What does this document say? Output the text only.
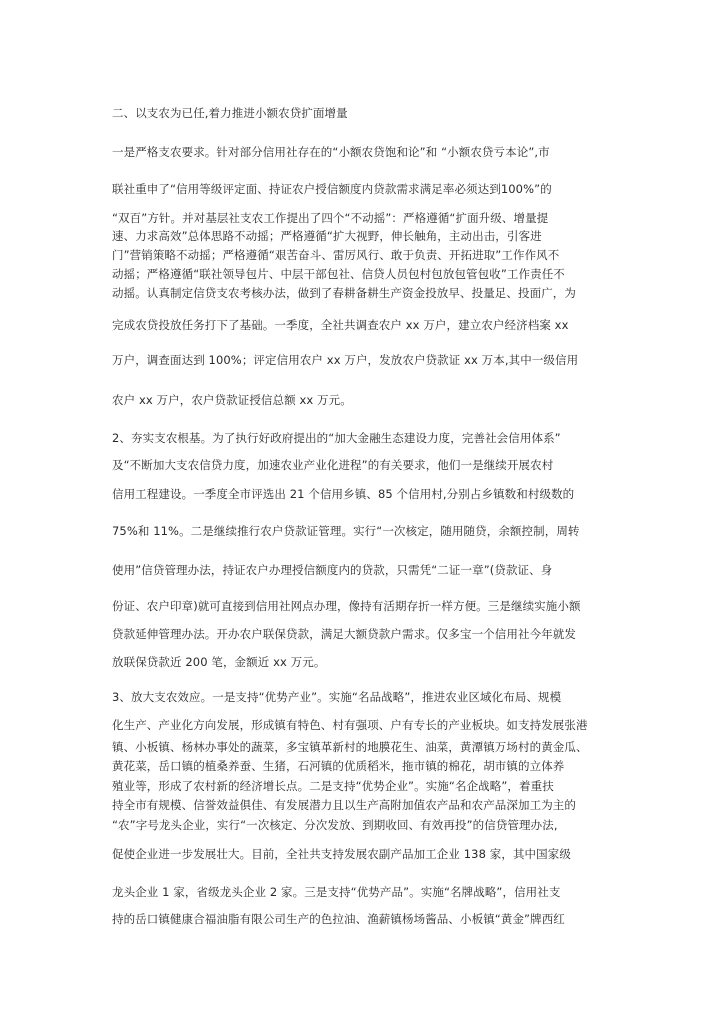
二、以支农为已任,着力推进小额农贷扩面增量

一是严格支农要求。针对部分信用社存在的“小额农贷饱和论”和 “小额农贷亏本论”,市

联社重申了“信用等级评定面、持证农户授信额度内贷款需求满足率必须达到100%”的

“双百”方针。并对基层社支农工作提出了四个“不动摇”：严格遵循“扩面升级、增量提

速、力求高效”总体思路不动摇；严格遵循“扩大视野，伸长触角，主动出击，引客进

门”营销策略不动摇；严格遵循“艰苦奋斗、雷厉风行、敢于负责、开拓进取”工作作风不

动摇；严格遵循“联社领导包片、中层干部包社、信贷人员包村包放包管包收”工作责任不

动摇。认真制定信贷支农考核办法，做到了春耕备耕生产资金投放早、投量足、投面广，为

完成农贷投放任务打下了基础。一季度，全社共调查农户 xx 万户，建立农户经济档案 xx

万户，调查面达到 100%；评定信用农户 xx 万户，发放农户贷款证 xx 万本,其中一级信用

农户 xx 万户，农户贷款证授信总额 xx 万元。

2、夯实支农根基。为了执行好政府提出的“加大金融生态建设力度，完善社会信用体系”

及“不断加大支农信贷力度，加速农业产业化进程”的有关要求，他们一是继续开展农村

信用工程建设。一季度全市评选出 21 个信用乡镇、85 个信用村,分别占乡镇数和村级数的

75%和 11%。二是继续推行农户贷款证管理。实行“一次核定，随用随贷，余额控制，周转

使用”信贷管理办法，持证农户办理授信额度内的贷款，只需凭“二证一章”(贷款证、身

份证、农户印章)就可直接到信用社网点办理，像持有活期存折一样方便。三是继续实施小额

贷款延伸管理办法。开办农户联保贷款，满足大额贷款户需求。仅多宝一个信用社今年就发

放联保贷款近 200 笔，金额近 xx 万元。

3、放大支农效应。一是支持“优势产业”。实施“名品战略”，推进农业区域化布局、规模

化生产、产业化方向发展，形成镇有特色、村有强项、户有专长的产业板块。如支持发展张港

镇、小板镇、杨林办事处的蔬菜，多宝镇革新村的地膜花生、油菜，黄潭镇万场村的黄金瓜、

黄花菜，岳口镇的植桑养蚕、生猪，石河镇的优质稻米，拖市镇的棉花，胡市镇的立体养

殖业等，形成了农村新的经济增长点。二是支持“优势企业”。实施“名企战略”，着重扶

持全市有规模、信誉效益俱佳、有发展潜力且以生产高附加值农产品和农产品深加工为主的

“农”字号龙头企业，实行“一次核定、分次发放、到期收回、有效再投”的信贷管理办法,

促使企业进一步发展壮大。目前，全社共支持发展农副产品加工企业 138 家，其中国家级

龙头企业 1 家，省级龙头企业 2 家。三是支持“优势产品”。实施“名牌战略”，信用社支

持的岳口镇健康合福油脂有限公司生产的色拉油、渔薪镇杨场酱品、小板镇“黄金”牌西红
